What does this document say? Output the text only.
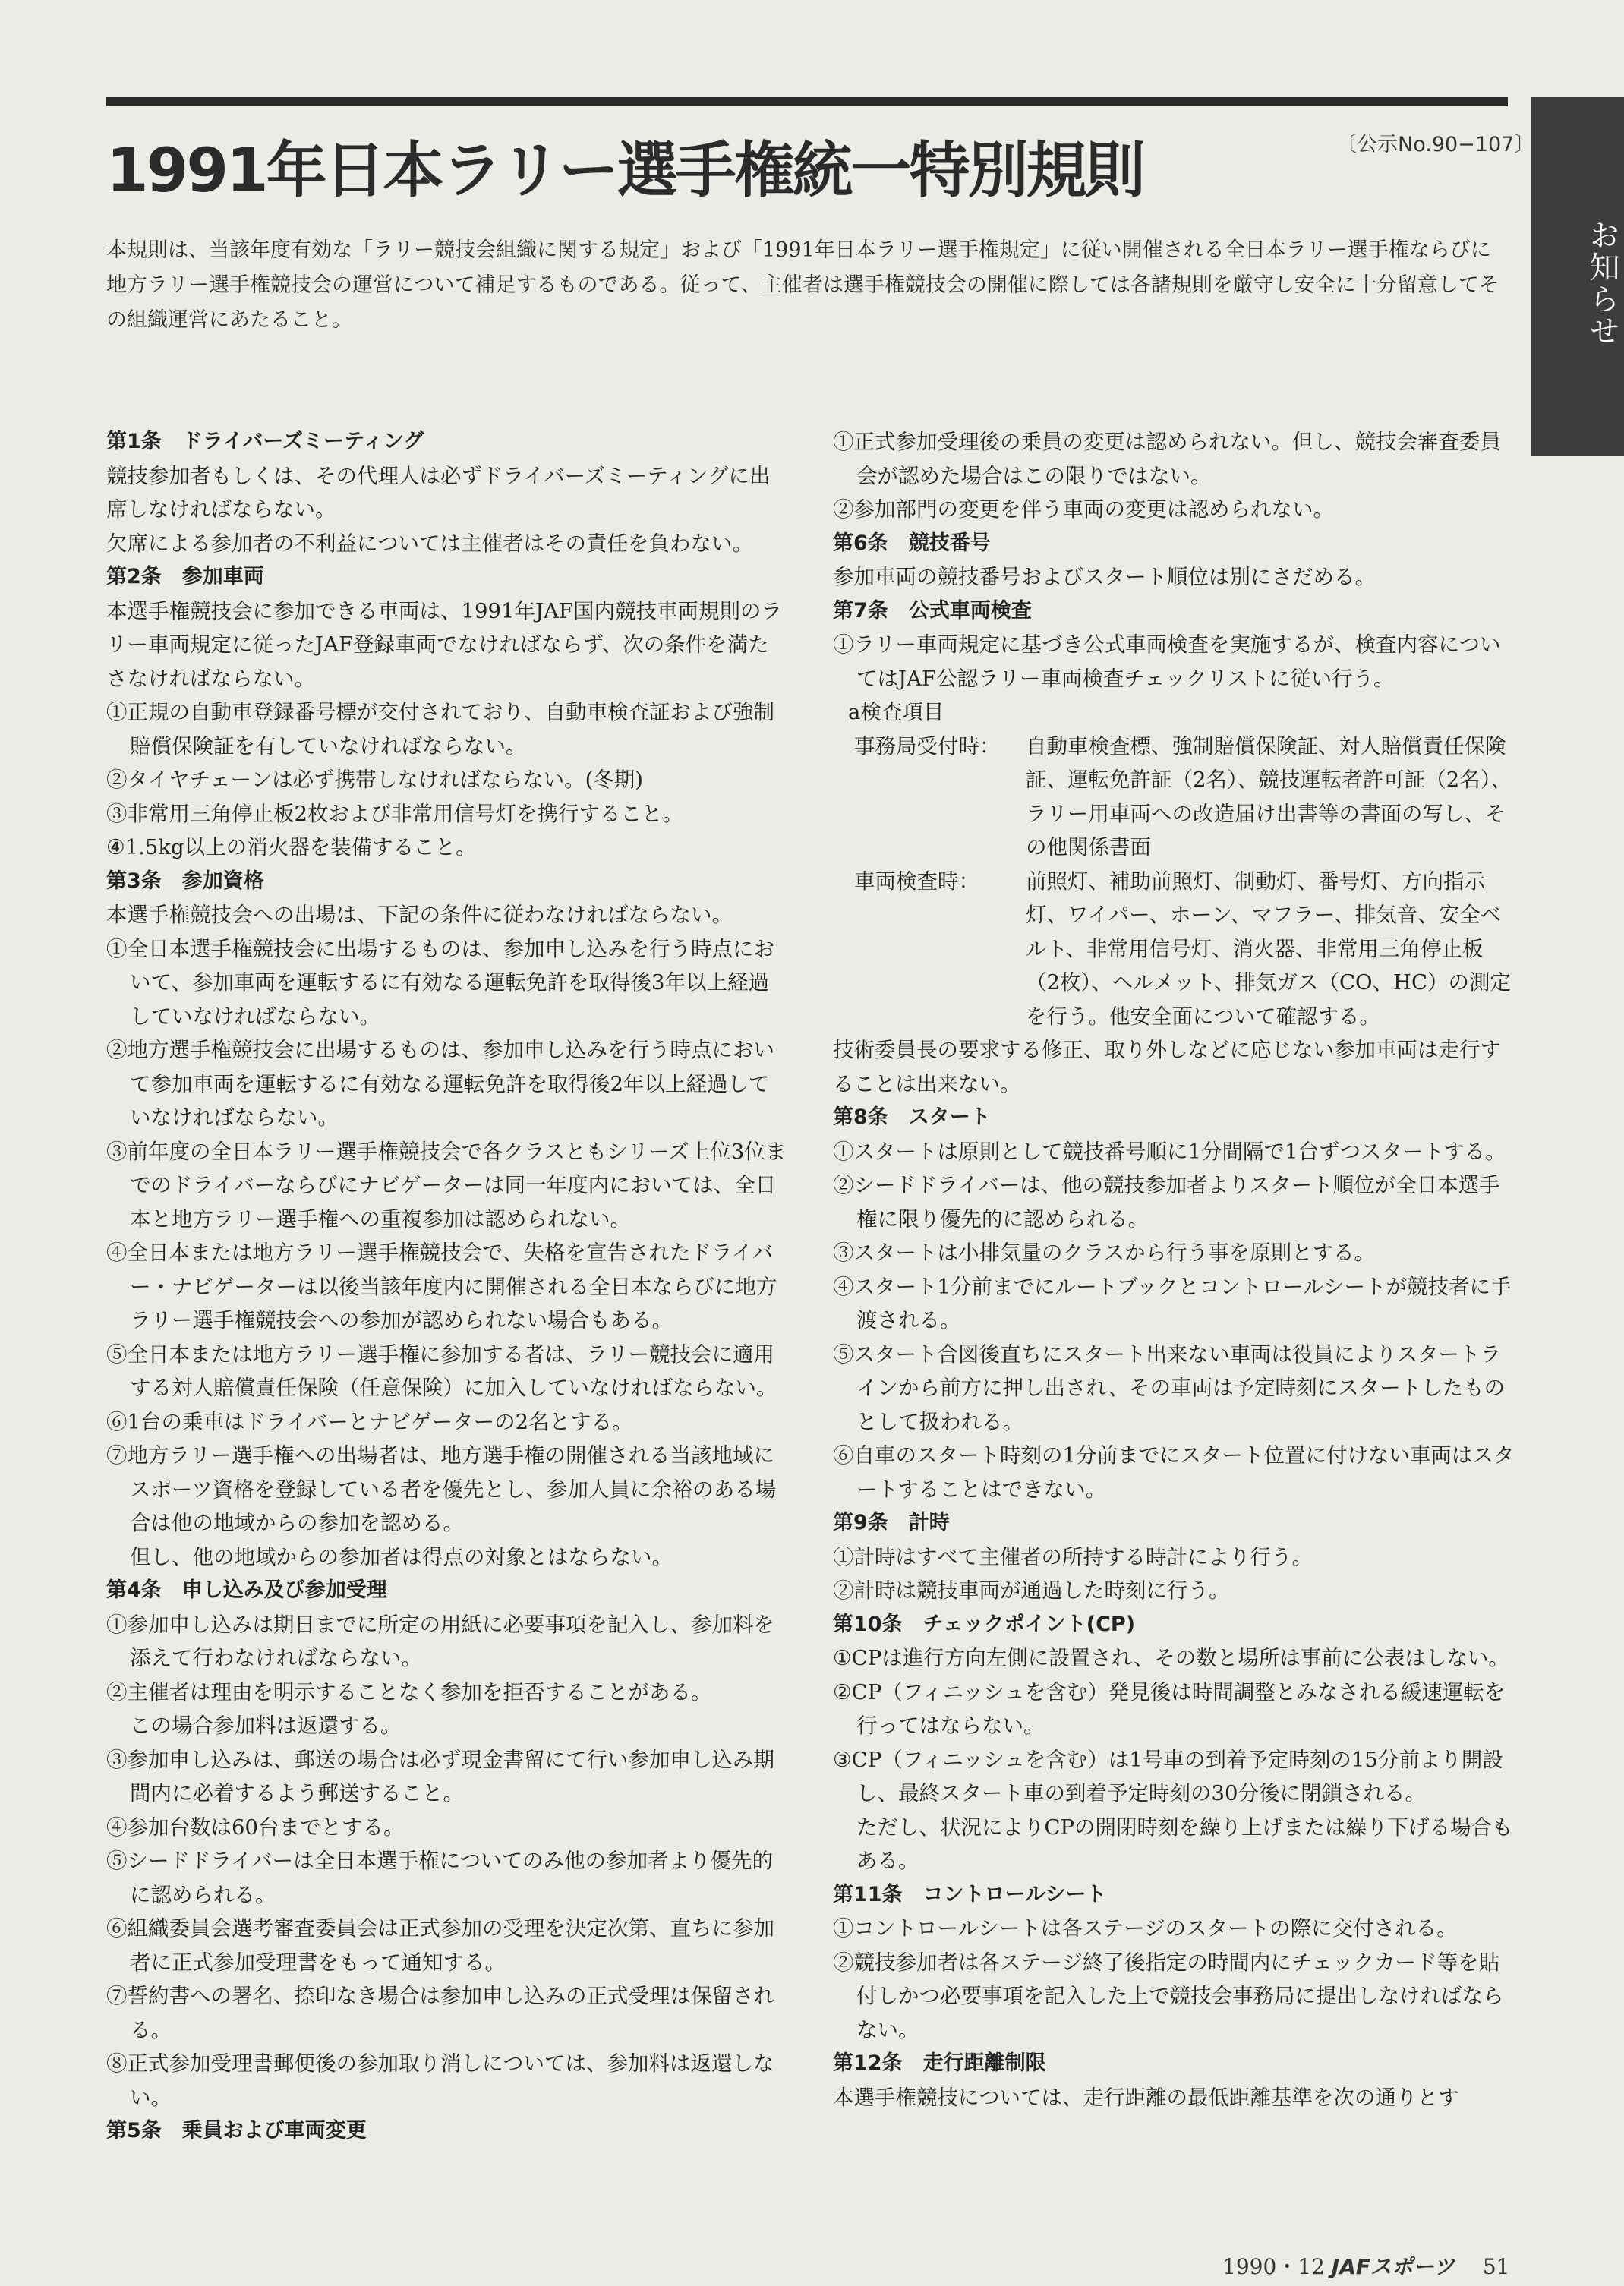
お知らせ
1991年日本ラリー選手権統一特別規則	〔公示No.90−107〕
本規則は、当該年度有効な「ラリー競技会組織に関する規定」および「1991年日本ラリー選手権規定」に従い開催される全日本ラリー選手権ならびに地方ラリー選手権競技会の運営について補足するものである。従って、主催者は選手権競技会の開催に際しては各諸規則を厳守し安全に十分留意してその組織運営にあたること。

第1条　ドライバーズミーティング

競技参加者もしくは、その代理人は必ずドライバーズミーティングに出席しなければならない。

欠席による参加者の不利益については主催者はその責任を負わない。

第2条　参加車両

本選手権競技会に参加できる車両は、1991年JAF国内競技車両規則のラリー車両規定に従ったJAF登録車両でなければならず、次の条件を満たさなければならない。

①正規の自動車登録番号標が交付されており、自動車検査証および強制賠償保険証を有していなければならない。

②タイヤチェーンは必ず携帯しなければならない。(冬期)

③非常用三角停止板2枚および非常用信号灯を携行すること。

④1.5kg以上の消火器を装備すること。

第3条　参加資格

本選手権競技会への出場は、下記の条件に従わなければならない。

①全日本選手権競技会に出場するものは、参加申し込みを行う時点において、参加車両を運転するに有効なる運転免許を取得後3年以上経過していなければならない。

②地方選手権競技会に出場するものは、参加申し込みを行う時点において参加車両を運転するに有効なる運転免許を取得後2年以上経過していなければならない。

③前年度の全日本ラリー選手権競技会で各クラスともシリーズ上位3位までのドライバーならびにナビゲーターは同一年度内においては、全日本と地方ラリー選手権への重複参加は認められない。

④全日本または地方ラリー選手権競技会で、失格を宣告されたドライバー・ナビゲーターは以後当該年度内に開催される全日本ならびに地方ラリー選手権競技会への参加が認められない場合もある。

⑤全日本または地方ラリー選手権に参加する者は、ラリー競技会に適用する対人賠償責任保険（任意保険）に加入していなければならない。

⑥1台の乗車はドライバーとナビゲーターの2名とする。

⑦地方ラリー選手権への出場者は、地方選手権の開催される当該地域にスポーツ資格を登録している者を優先とし、参加人員に余裕のある場合は他の地域からの参加を認める。

但し、他の地域からの参加者は得点の対象とはならない。

第4条　申し込み及び参加受理

①参加申し込みは期日までに所定の用紙に必要事項を記入し、参加料を添えて行わなければならない。

②主催者は理由を明示することなく参加を拒否することがある。

この場合参加料は返還する。

③参加申し込みは、郵送の場合は必ず現金書留にて行い参加申し込み期間内に必着するよう郵送すること。

④参加台数は60台までとする。

⑤シードドライバーは全日本選手権についてのみ他の参加者より優先的に認められる。

⑥組織委員会選考審査委員会は正式参加の受理を決定次第、直ちに参加者に正式参加受理書をもって通知する。

⑦誓約書への署名、捺印なき場合は参加申し込みの正式受理は保留される。

⑧正式参加受理書郵便後の参加取り消しについては、参加料は返還しない。

第5条　乗員および車両変更

①正式参加受理後の乗員の変更は認められない。但し、競技会審査委員会が認めた場合はこの限りではない。

②参加部門の変更を伴う車両の変更は認められない。

第6条　競技番号

参加車両の競技番号およびスタート順位は別にさだめる。

第7条　公式車両検査

①ラリー車両規定に基づき公式車両検査を実施するが、検査内容についてはJAF公認ラリー車両検査チェックリストに従い行う。

a検査項目

事務局受付時：	自動車検査標、強制賠償保険証、対人賠償責任保険証、運転免許証（2名）、競技運転者許可証（2名）、ラリー用車両への改造届け出書等の書面の写し、その他関係書面
車両検査時：	前照灯、補助前照灯、制動灯、番号灯、方向指示灯、ワイパー、ホーン、マフラー、排気音、安全ベルト、非常用信号灯、消火器、非常用三角停止板（2枚）、ヘルメット、排気ガス（CO、HC）の測定を行う。他安全面について確認する。

技術委員長の要求する修正、取り外しなどに応じない参加車両は走行することは出来ない。

第8条　スタート

①スタートは原則として競技番号順に1分間隔で1台ずつスタートする。

②シードドライバーは、他の競技参加者よりスタート順位が全日本選手権に限り優先的に認められる。

③スタートは小排気量のクラスから行う事を原則とする。

④スタート1分前までにルートブックとコントロールシートが競技者に手渡される。

⑤スタート合図後直ちにスタート出来ない車両は役員によりスタートラインから前方に押し出され、その車両は予定時刻にスタートしたものとして扱われる。

⑥自車のスタート時刻の1分前までにスタート位置に付けない車両はスタートすることはできない。

第9条　計時

①計時はすべて主催者の所持する時計により行う。

②計時は競技車両が通過した時刻に行う。

第10条　チェックポイント(CP)

①CPは進行方向左側に設置され、その数と場所は事前に公表はしない。

②CP（フィニッシュを含む）発見後は時間調整とみなされる緩速運転を行ってはならない。

③CP（フィニッシュを含む）は1号車の到着予定時刻の15分前より開設し、最終スタート車の到着予定時刻の30分後に閉鎖される。

ただし、状況によりCPの開閉時刻を繰り上げまたは繰り下げる場合もある。

第11条　コントロールシート

①コントロールシートは各ステージのスタートの際に交付される。

②競技参加者は各ステージ終了後指定の時間内にチェックカード等を貼付しかつ必要事項を記入した上で競技会事務局に提出しなければならない。

第12条　走行距離制限

本選手権競技については、走行距離の最低距離基準を次の通りとす

1990・12 JAFスポーツ 51
